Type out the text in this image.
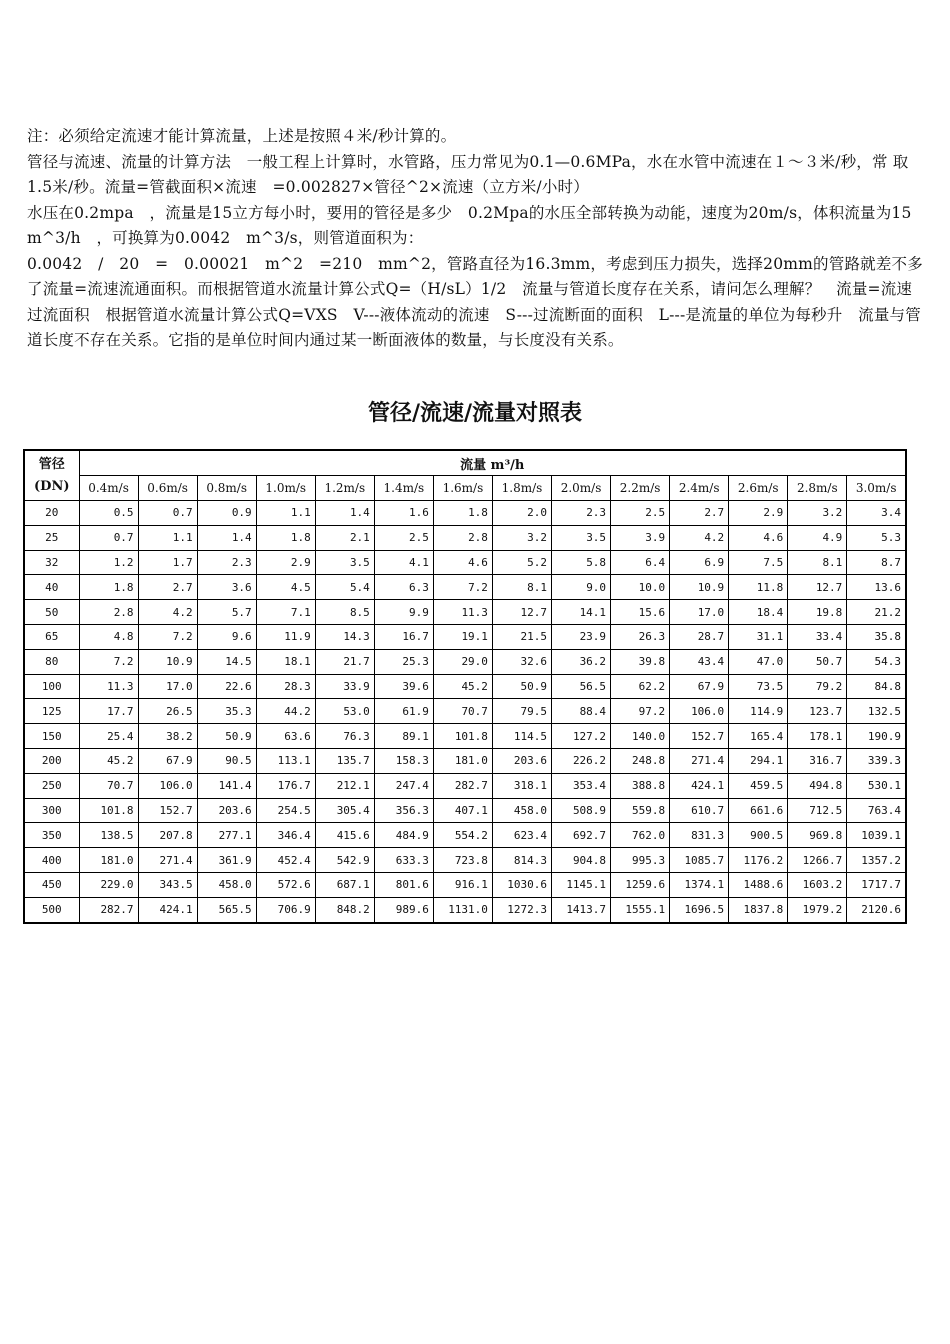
注：必须给定流速才能计算流量，上述是按照４米/秒计算的。

管径与流速、流量的计算方法　一般工程上计算时，水管路，压力常见为0.1—0.6MPa，水在水管中流速在１～３米/秒，常 取1.5米/秒。流量=管截面积×流速　=0.002827×管径^2×流速（立方米/小时）

水压在0.2mpa　，流量是15立方每小时，要用的管径是多少　0.2Mpa的水压全部转换为动能，速度为20m/s，体积流量为15　m^3/h　，可换算为0.0042　m^3/s，则管道面积为：

0.0042　/　20　=　0.00021　m^2　=210　mm^2，管路直径为16.3mm，考虑到压力损失，选择20mm的管路就差不多了流量=流速流通面积。而根据管道水流量计算公式Q=（H/sL）1/2　流量与管道长度存在关系，请问怎么理解？　流量=流速过流面积　根据管道水流量计算公式Q=VXS　V---液体流动的流速　S---过流断面的面积　L---是流量的单位为每秒升　流量与管道长度不存在关系。它指的是单位时间内通过某一断面液体的数量，与长度没有关系。

管径/流速/流量对照表
管径
(DN)	流量 m³/h													
	0.4m/s	0.6m/s	0.8m/s	1.0m/s	1.2m/s	1.4m/s	1.6m/s	1.8m/s	2.0m/s	2.2m/s	2.4m/s	2.6m/s	2.8m/s	3.0m/s
20	0.5	0.7	0.9	1.1	1.4	1.6	1.8	2.0	2.3	2.5	2.7	2.9	3.2	3.4
25	0.7	1.1	1.4	1.8	2.1	2.5	2.8	3.2	3.5	3.9	4.2	4.6	4.9	5.3
32	1.2	1.7	2.3	2.9	3.5	4.1	4.6	5.2	5.8	6.4	6.9	7.5	8.1	8.7
40	1.8	2.7	3.6	4.5	5.4	6.3	7.2	8.1	9.0	10.0	10.9	11.8	12.7	13.6
50	2.8	4.2	5.7	7.1	8.5	9.9	11.3	12.7	14.1	15.6	17.0	18.4	19.8	21.2
65	4.8	7.2	9.6	11.9	14.3	16.7	19.1	21.5	23.9	26.3	28.7	31.1	33.4	35.8
80	7.2	10.9	14.5	18.1	21.7	25.3	29.0	32.6	36.2	39.8	43.4	47.0	50.7	54.3
100	11.3	17.0	22.6	28.3	33.9	39.6	45.2	50.9	56.5	62.2	67.9	73.5	79.2	84.8
125	17.7	26.5	35.3	44.2	53.0	61.9	70.7	79.5	88.4	97.2	106.0	114.9	123.7	132.5
150	25.4	38.2	50.9	63.6	76.3	89.1	101.8	114.5	127.2	140.0	152.7	165.4	178.1	190.9
200	45.2	67.9	90.5	113.1	135.7	158.3	181.0	203.6	226.2	248.8	271.4	294.1	316.7	339.3
250	70.7	106.0	141.4	176.7	212.1	247.4	282.7	318.1	353.4	388.8	424.1	459.5	494.8	530.1
300	101.8	152.7	203.6	254.5	305.4	356.3	407.1	458.0	508.9	559.8	610.7	661.6	712.5	763.4
350	138.5	207.8	277.1	346.4	415.6	484.9	554.2	623.4	692.7	762.0	831.3	900.5	969.8	1039.1
400	181.0	271.4	361.9	452.4	542.9	633.3	723.8	814.3	904.8	995.3	1085.7	1176.2	1266.7	1357.2
450	229.0	343.5	458.0	572.6	687.1	801.6	916.1	1030.6	1145.1	1259.6	1374.1	1488.6	1603.2	1717.7
500	282.7	424.1	565.5	706.9	848.2	989.6	1131.0	1272.3	1413.7	1555.1	1696.5	1837.8	1979.2	2120.6
